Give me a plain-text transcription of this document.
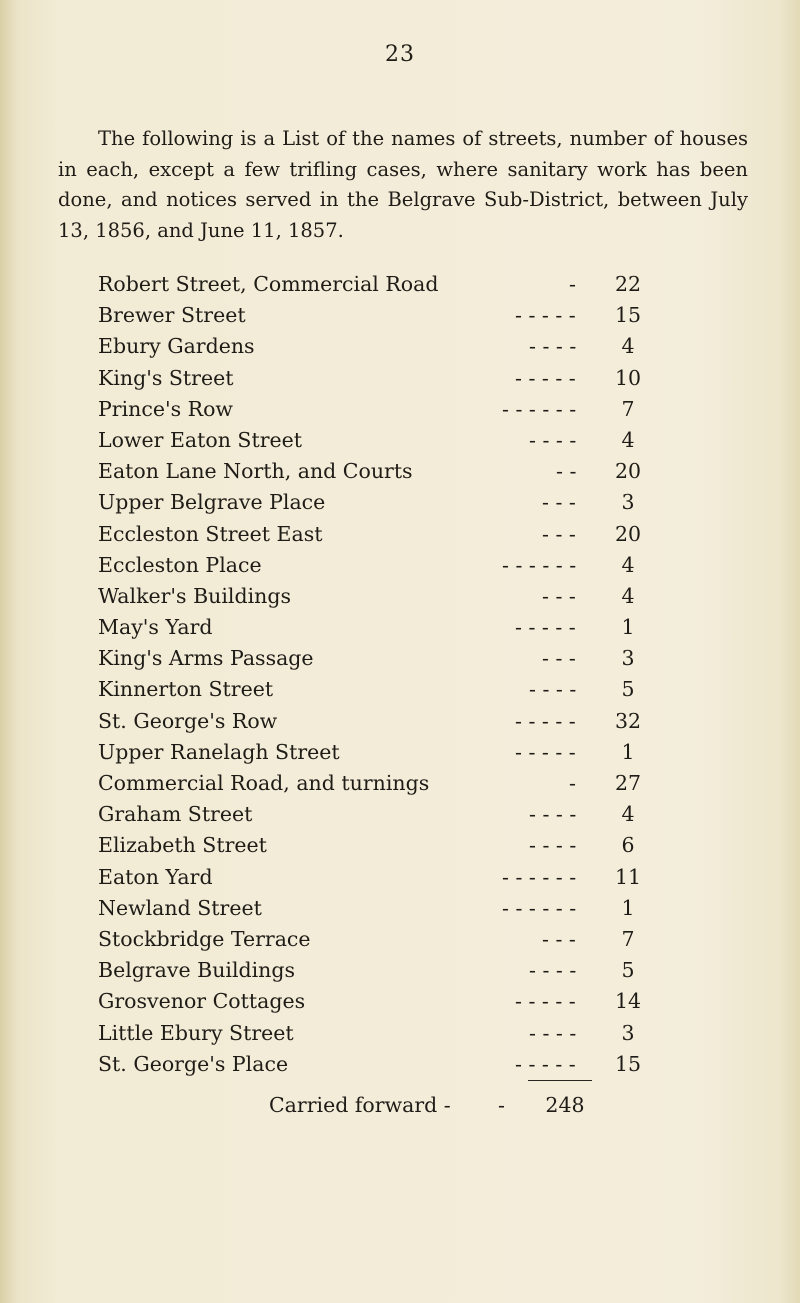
23

The following is a List of the names of streets, number of houses in each, except a few trifling cases, where sanitary work has been done, and notices served in the Belgrave Sub-District, between July 13, 1856, and June 11, 1857.

Robert Street, Commercial Road	-	22
Brewer Street	- - - - -	15
Ebury Gardens	- - - -	4
King's Street	- - - - -	10
Prince's Row	- - - - - -	7
Lower Eaton Street	- - - -	4
Eaton Lane North, and Courts	- -	20
Upper Belgrave Place	- - -	3
Eccleston Street East	- - -	20
Eccleston Place	- - - - - -	4
Walker's Buildings	- - -	4
May's Yard	- - - - -	1
King's Arms Passage	- - -	3
Kinnerton Street	- - - -	5
St. George's Row	- - - - -	32
Upper Ranelagh Street	- - - - -	1
Commercial Road, and turnings	-	27
Graham Street	- - - -	4
Elizabeth Street	- - - -	6
Eaton Yard	- - - - - -	11
Newland Street	- - - - - -	1
Stockbridge Terrace	- - -	7
Belgrave Buildings	- - - -	5
Grosvenor Cottages	- - - - -	14
Little Ebury Street	- - - -	3
St. George's Place	- - - - -	15
Carried forward - -	248
